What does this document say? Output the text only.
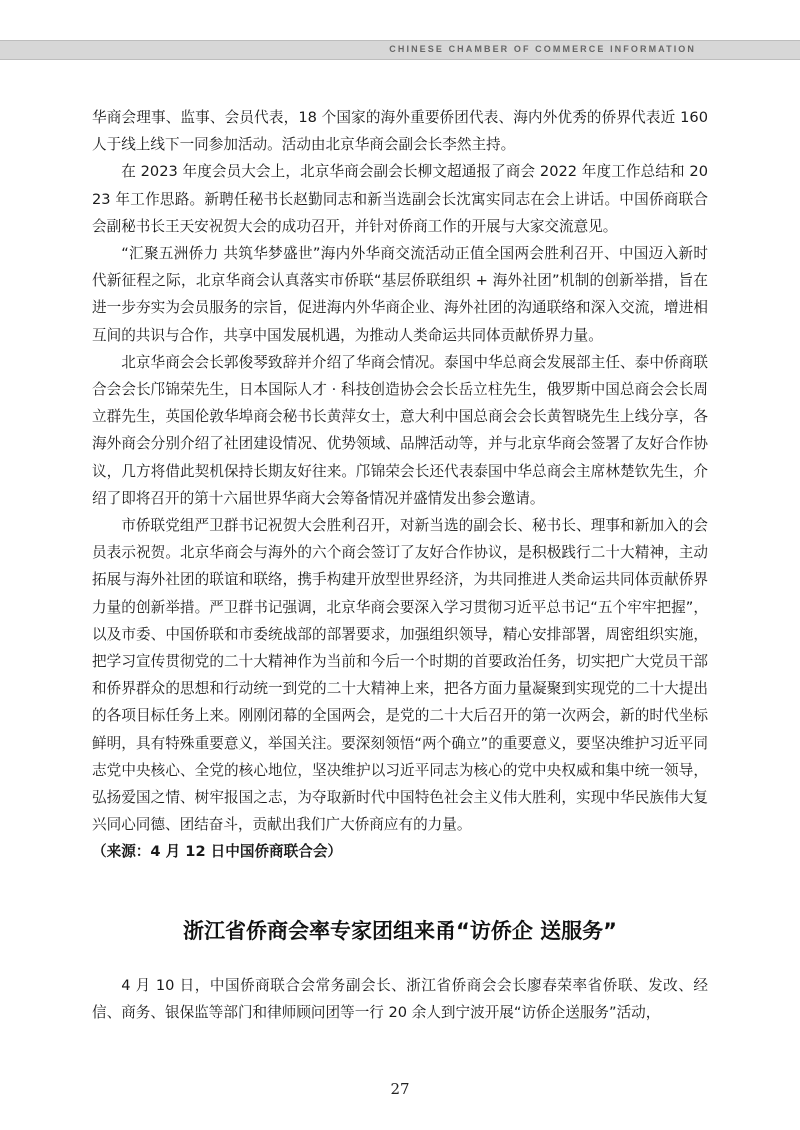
CHINESE CHAMBER OF COMMERCE INFORMATION

华商会理事、监事、会员代表，18 个国家的海外重要侨团代表、海内外优秀的侨界代表近 160 人于线上线下一同参加活动。活动由北京华商会副会长李然主持。

在 2023 年度会员大会上，北京华商会副会长柳文超通报了商会 2022 年度工作总结和 2023 年工作思路。新聘任秘书长赵勤同志和新当选副会长沈寓实同志在会上讲话。中国侨商联合会副秘书长王天安祝贺大会的成功召开，并针对侨商工作的开展与大家交流意见。

“汇聚五洲侨力 共筑华梦盛世”海内外华商交流活动正值全国两会胜利召开、中国迈入新时代新征程之际，北京华商会认真落实市侨联“基层侨联组织 + 海外社团”机制的创新举措，旨在进一步夯实为会员服务的宗旨，促进海内外华商企业、海外社团的沟通联络和深入交流，增进相互间的共识与合作，共享中国发展机遇，为推动人类命运共同体贡献侨界力量。

北京华商会会长郭俊琴致辞并介绍了华商会情况。泰国中华总商会发展部主任、泰中侨商联合会会长邝锦荣先生，日本国际人才 · 科技创造协会会长岳立柱先生，俄罗斯中国总商会会长周立群先生，英国伦敦华埠商会秘书长黄萍女士，意大利中国总商会会长黄智晓先生上线分享，各海外商会分别介绍了社团建设情况、优势领域、品牌活动等，并与北京华商会签署了友好合作协议，几方将借此契机保持长期友好往来。邝锦荣会长还代表泰国中华总商会主席林楚钦先生，介绍了即将召开的第十六届世界华商大会筹备情况并盛情发出参会邀请。

市侨联党组严卫群书记祝贺大会胜利召开，对新当选的副会长、秘书长、理事和新加入的会员表示祝贺。北京华商会与海外的六个商会签订了友好合作协议，是积极践行二十大精神，主动拓展与海外社团的联谊和联络，携手构建开放型世界经济，为共同推进人类命运共同体贡献侨界力量的创新举措。严卫群书记强调，北京华商会要深入学习贯彻习近平总书记“五个牢牢把握”，以及市委、中国侨联和市委统战部的部署要求，加强组织领导，精心安排部署，周密组织实施，把学习宣传贯彻党的二十大精神作为当前和今后一个时期的首要政治任务，切实把广大党员干部和侨界群众的思想和行动统一到党的二十大精神上来，把各方面力量凝聚到实现党的二十大提出的各项目标任务上来。刚刚闭幕的全国两会，是党的二十大后召开的第一次两会，新的时代坐标鲜明，具有特殊重要意义，举国关注。要深刻领悟“两个确立”的重要意义，要坚决维护习近平同志党中央核心、全党的核心地位，坚决维护以习近平同志为核心的党中央权威和集中统一领导，弘扬爱国之情、树牢报国之志，为夺取新时代中国特色社会主义伟大胜利，实现中华民族伟大复兴同心同德、团结奋斗，贡献出我们广大侨商应有的力量。

（来源：4 月 12 日中国侨商联合会）

浙江省侨商会率专家团组来甬“访侨企 送服务”

4 月 10 日，中国侨商联合会常务副会长、浙江省侨商会会长廖春荣率省侨联、发改、经信、商务、银保监等部门和律师顾问团等一行 20 余人到宁波开展“访侨企送服务”活动，

27
